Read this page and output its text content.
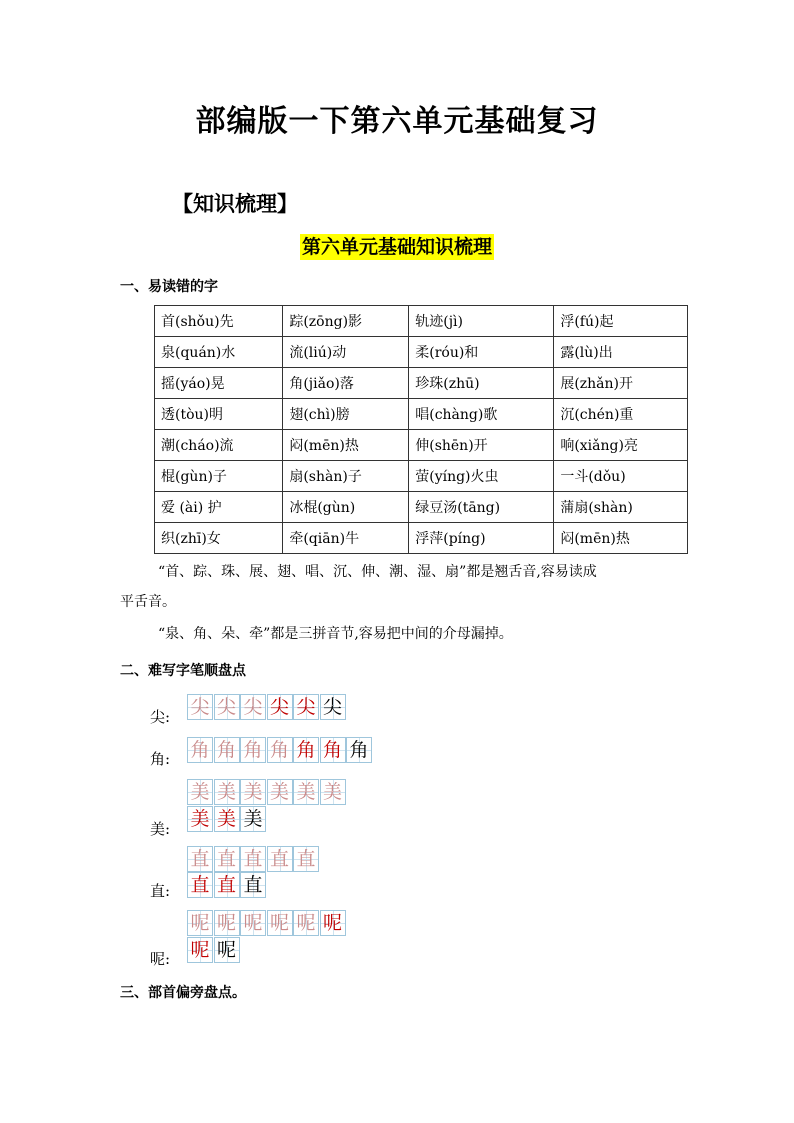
部编版一下第六单元基础复习
【知识梳理】
第六单元基础知识梳理
一、易读错的字
首(shǒu)先	踪(zōng)影	轨迹(jì)	浮(fú)起
泉(quán)水	流(liú)动	柔(róu)和	露(lù)出
摇(yáo)晃	角(jiǎo)落	珍珠(zhū)	展(zhǎn)开
透(tòu)明	翅(chì)膀	唱(chàng)歌	沉(chén)重
潮(cháo)流	闷(mēn)热	伸(shēn)开	响(xiǎng)亮
棍(gùn)子	扇(shàn)子	萤(yíng)火虫	一斗(dǒu)
爱 (ài) 护	冰棍(gùn)	绿豆汤(tāng)	蒲扇(shàn)
织(zhī)女	牵(qiān)牛	浮萍(píng)	闷(mēn)热
“首、踪、珠、展、翅、唱、沉、伸、潮、湿、扇”都是翘舌音,容易读成
平舌音。
“泉、角、朵、牵”都是三拼音节,容易把中间的介母漏掉。
二、难写字笔顺盘点
尖: 尖 尖 尖 尖 尖 尖
角: 角 角 角 角 角 角 角
美:
美 美 美 美 美 美
美 美 美
直:
直 直 直 直 直
直 直 直
呢:
呢 呢 呢 呢 呢 呢
呢 呢
三、部首偏旁盘点。
